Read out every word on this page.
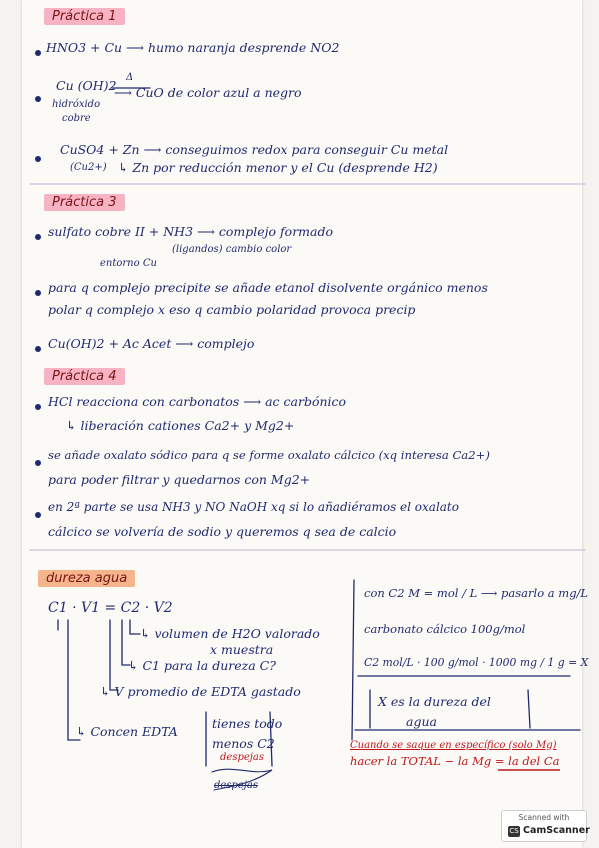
Práctica 1
HNO3 + Cu ⟶ humo naranja desprende NO2
Cu (OH)2
Δ
⟶ CuO de color azul a negro
hidróxido
cobre
CuSO4 + Zn ⟶ conseguimos redox para conseguir Cu metal
(Cu2+) ↳ Zn por reducción menor y el Cu (desprende H2)
Práctica 3
sulfato cobre II + NH3 ⟶ complejo formado
(ligandos) cambio color
entorno Cu
para q complejo precipite se añade etanol disolvente orgánico menos
polar q complejo x eso q cambio polaridad provoca precip
Cu(OH)2 + Ac Acet ⟶ complejo
Práctica 4
HCl reacciona con carbonatos ⟶ ac carbónico
↳ liberación cationes Ca2+ y Mg2+
se añade oxalato sódico para q se forme oxalato cálcico (xq interesa Ca2+)
para poder filtrar y quedarnos con Mg2+
en 2ª parte se usa NH3 y NO NaOH xq si lo añadiéramos el oxalato
cálcico se volvería de sodio y queremos q sea de calcio
dureza agua
C1 · V1 = C2 · V2
↳ volumen de H2O valorado
x muestra
↳ C1 para la dureza C?
↳ V promedio de EDTA gastado
↳ Concen EDTA
tienes todo
menos C2
despejas
despejas
con C2 M = mol / L ⟶ pasarlo a mg/L
carbonato cálcico 100g/mol
C2 mol/L · 100 g/mol · 1000 mg / 1 g = X
X es la dureza del
agua
Cuando se saque en específico (solo Mg)
hacer la TOTAL − la Mg = la del Ca
Scanned with
CS CamScanner
